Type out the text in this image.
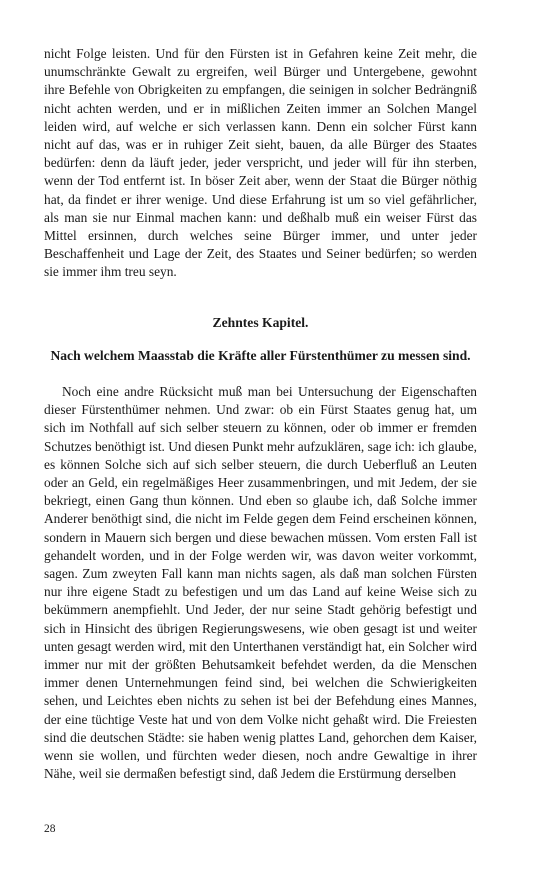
nicht Folge leisten. Und für den Fürsten ist in Gefahren keine Zeit mehr, die unumschränkte Gewalt zu ergreifen, weil Bürger und Untergebene, gewohnt ihre Befehle von Obrigkeiten zu empfangen, die seinigen in solcher Bedrängniß nicht achten werden, und er in mißlichen Zeiten immer an Solchen Mangel leiden wird, auf welche er sich verlassen kann. Denn ein solcher Fürst kann nicht auf das, was er in ruhiger Zeit sieht, bauen, da alle Bürger des Staates bedürfen: denn da läuft jeder, jeder verspricht, und jeder will für ihn sterben, wenn der Tod entfernt ist. In böser Zeit aber, wenn der Staat die Bürger nöthig hat, da findet er ihrer wenige. Und diese Erfahrung ist um so viel gefährlicher, als man sie nur Einmal machen kann: und deßhalb muß ein weiser Fürst das Mittel ersinnen, durch welches seine Bürger immer, und unter jeder Beschaffenheit und Lage der Zeit, des Staates und Seiner bedürfen; so werden sie immer ihm treu seyn.

Zehntes Kapitel.
Nach welchem Maasstab die Kräfte aller Fürstenthümer zu messen sind.

Noch eine andre Rücksicht muß man bei Untersuchung der Eigenschaften dieser Fürstenthümer nehmen. Und zwar: ob ein Fürst Staates genug hat, um sich im Nothfall auf sich selber steuern zu können, oder ob immer er fremden Schutzes benöthigt ist. Und diesen Punkt mehr aufzuklären, sage ich: ich glaube, es können Solche sich auf sich selber steuern, die durch Ueberfluß an Leuten oder an Geld, ein regelmäßiges Heer zusammenbringen, und mit Jedem, der sie bekriegt, einen Gang thun können. Und eben so glaube ich, daß Solche immer Anderer benöthigt sind, die nicht im Felde gegen dem Feind erscheinen können, sondern in Mauern sich bergen und diese bewachen müssen. Vom ersten Fall ist gehandelt worden, und in der Folge werden wir, was davon weiter vorkommt, sagen. Zum zweyten Fall kann man nichts sagen, als daß man solchen Fürsten nur ihre eigene Stadt zu befestigen und um das Land auf keine Weise sich zu bekümmern anempfiehlt. Und Jeder, der nur seine Stadt gehörig befestigt und sich in Hinsicht des übrigen Regierungswesens, wie oben gesagt ist und weiter unten gesagt werden wird, mit den Unterthanen verständigt hat, ein Solcher wird immer nur mit der größten Behutsamkeit befehdet werden, da die Menschen immer denen Unternehmungen feind sind, bei welchen die Schwierigkeiten sehen, und Leichtes eben nichts zu sehen ist bei der Befehdung eines Mannes, der eine tüchtige Veste hat und von dem Volke nicht gehaßt wird. Die Freiesten sind die deutschen Städte: sie haben wenig plattes Land, gehorchen dem Kaiser, wenn sie wollen, und fürchten weder diesen, noch andre Gewaltige in ihrer Nähe, weil sie dermaßen befestigt sind, daß Jedem die Erstürmung derselben

28
